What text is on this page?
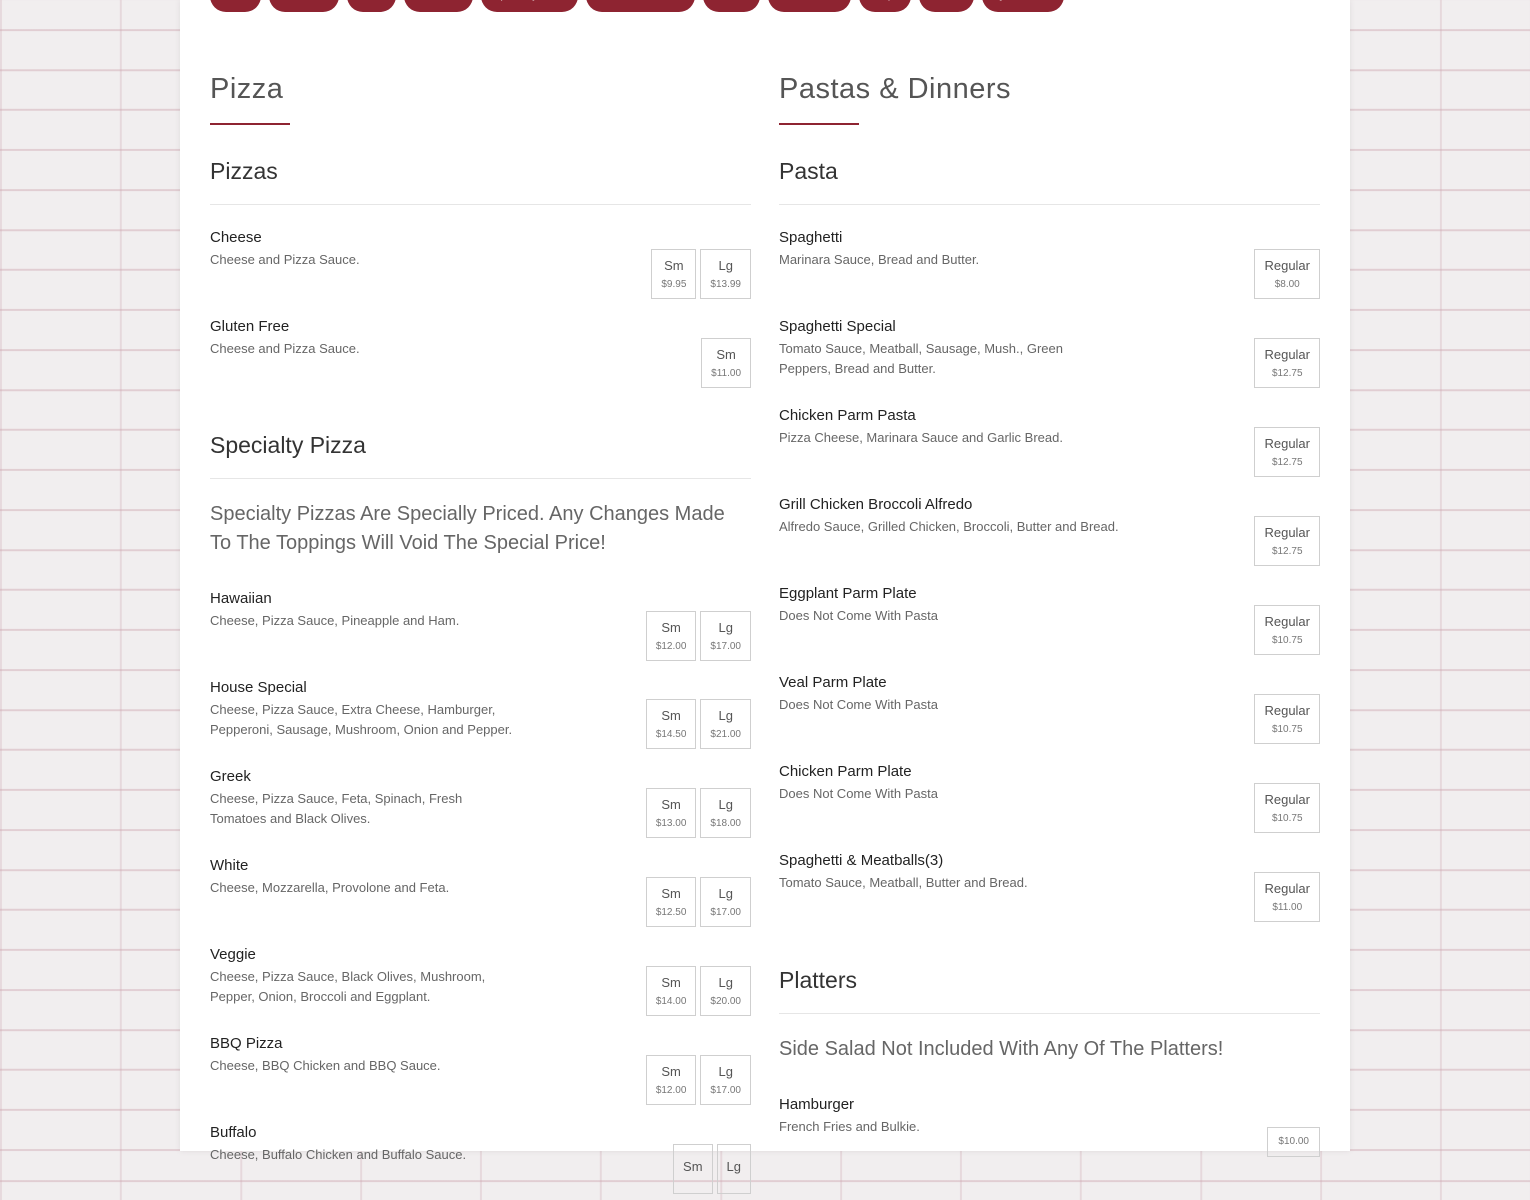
Pizza
Pizzas
Cheese
Cheese and Pizza Sauce.	Sm
$9.95
Lg
$13.99
Gluten Free
Cheese and Pizza Sauce.	Sm
$11.00
Specialty Pizza
Specialty Pizzas Are Specially Priced. Any Changes Made To The Toppings Will Void The Special Price!
Hawaiian
Cheese, Pizza Sauce, Pineapple and Ham.	Sm
$12.00
Lg
$17.00
House Special
Cheese, Pizza Sauce, Extra Cheese, Hamburger, Pepperoni, Sausage, Mushroom, Onion and Pepper.
Sm
$14.50
Lg
$21.00
Greek
Cheese, Pizza Sauce, Feta, Spinach, Fresh Tomatoes and Black Olives.
Sm
$13.00
Lg
$18.00
White
Cheese, Mozzarella, Provolone and Feta.	Sm
$12.50
Lg
$17.00
Veggie
Cheese, Pizza Sauce, Black Olives, Mushroom, Pepper, Onion, Broccoli and Eggplant.
Sm
$14.00
Lg
$20.00
BBQ Pizza
Cheese, BBQ Chicken and BBQ Sauce.	Sm
$12.00
Lg
$17.00
Buffalo
Cheese, Buffalo Chicken and Buffalo Sauce.
Sm Lg
Pastas & Dinners
Pasta
Spaghetti
Marinara Sauce, Bread and Butter.	Regular
$8.00
Spaghetti Special
Tomato Sauce, Meatball, Sausage, Mush., Green Peppers, Bread and Butter.
Regular
$12.75
Chicken Parm Pasta
Pizza Cheese, Marinara Sauce and Garlic Bread.	Regular
$12.75
Grill Chicken Broccoli Alfredo
Alfredo Sauce, Grilled Chicken, Broccoli, Butter and Bread.	Regular
$12.75
Eggplant Parm Plate
Does Not Come With Pasta	Regular
$10.75
Veal Parm Plate
Does Not Come With Pasta	Regular
$10.75
Chicken Parm Plate
Does Not Come With Pasta	Regular
$10.75
Spaghetti & Meatballs(3)
Tomato Sauce, Meatball, Butter and Bread.	Regular
$11.00
Platters
Side Salad Not Included With Any Of The Platters!
Hamburger
French Fries and Bulkie.
$10.00
